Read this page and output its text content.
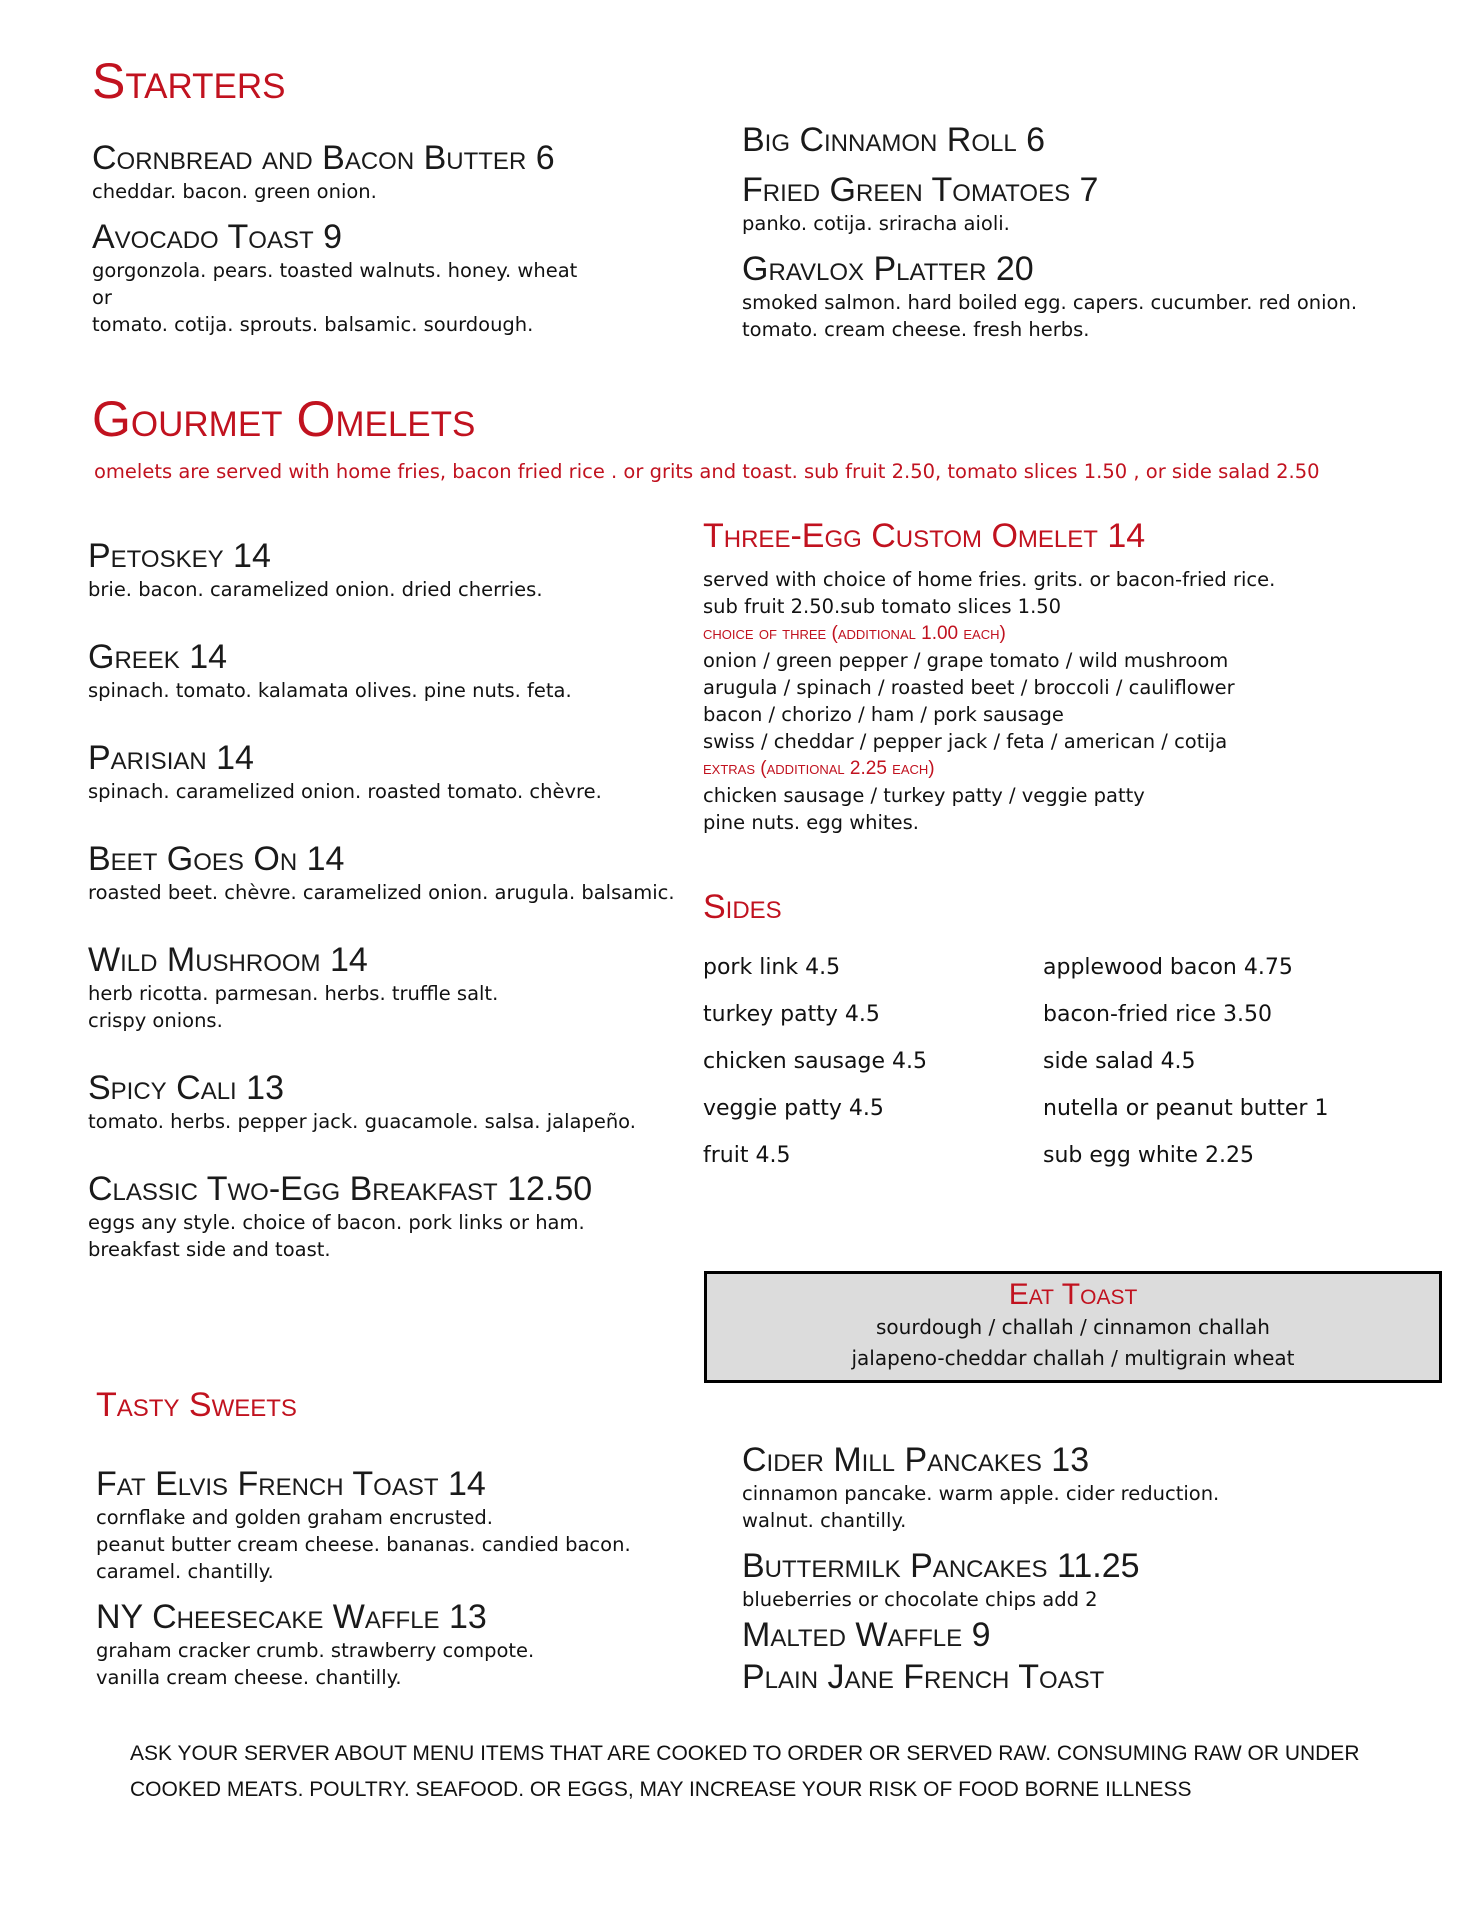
Starters
Cornbread and Bacon Butter 6
cheddar. bacon. green onion.
Avocado Toast 9
gorgonzola. pears. toasted walnuts. honey. wheat
or
tomato. cotija. sprouts. balsamic. sourdough.
Big Cinnamon Roll 6
Fried Green Tomatoes 7
panko. cotija. sriracha aioli.
Gravlox Platter 20
smoked salmon. hard boiled egg. capers. cucumber. red onion.
tomato. cream cheese. fresh herbs.
Gourmet Omelets
omelets are served with home fries, bacon fried rice . or grits and toast. sub fruit 2.50, tomato slices 1.50 , or side salad 2.50
Petoskey 14
brie. bacon. caramelized onion. dried cherries.
Greek 14
spinach. tomato. kalamata olives. pine nuts. feta.
Parisian 14
spinach. caramelized onion. roasted tomato. chèvre.
Beet Goes On 14
roasted beet. chèvre. caramelized onion. arugula. balsamic.
Wild Mushroom 14
herb ricotta. parmesan. herbs. truffle salt.
crispy onions.
Spicy Cali 13
tomato. herbs. pepper jack. guacamole. salsa. jalapeño.
Classic Two-Egg Breakfast 12.50
eggs any style. choice of bacon. pork links or ham.
breakfast side and toast.
Three-Egg Custom Omelet 14
served with choice of home fries. grits. or bacon-fried rice.
sub fruit 2.50.sub tomato slices 1.50
choice of three (additional 1.00 each)
onion / green pepper / grape tomato / wild mushroom
arugula / spinach / roasted beet / broccoli / cauliflower
bacon / chorizo / ham / pork sausage
swiss / cheddar / pepper jack / feta / american / cotija
extras (additional 2.25 each)
chicken sausage / turkey patty / veggie patty
pine nuts. egg whites.
Sides
pork link 4.5	applewood bacon 4.75
turkey patty 4.5	bacon-fried rice 3.50
chicken sausage 4.5	side salad 4.5
veggie patty 4.5	nutella or peanut butter 1
fruit 4.5	sub egg white 2.25
Eat Toast
sourdough / challah / cinnamon challah
jalapeno-cheddar challah / multigrain wheat
Tasty Sweets
Fat Elvis French Toast 14
cornflake and golden graham encrusted.
peanut butter cream cheese. bananas. candied bacon.
caramel. chantilly.
NY Cheesecake Waffle 13
graham cracker crumb. strawberry compote.
vanilla cream cheese. chantilly.
Cider Mill Pancakes 13
cinnamon pancake. warm apple. cider reduction.
walnut. chantilly.
Buttermilk Pancakes 11.25
blueberries or chocolate chips add 2
Malted Waffle 9
Plain Jane French Toast
ASK YOUR SERVER ABOUT MENU ITEMS THAT ARE COOKED TO ORDER OR SERVED RAW. CONSUMING RAW OR UNDER
COOKED MEATS. POULTRY. SEAFOOD. OR EGGS, MAY INCREASE YOUR RISK OF FOOD BORNE ILLNESS
